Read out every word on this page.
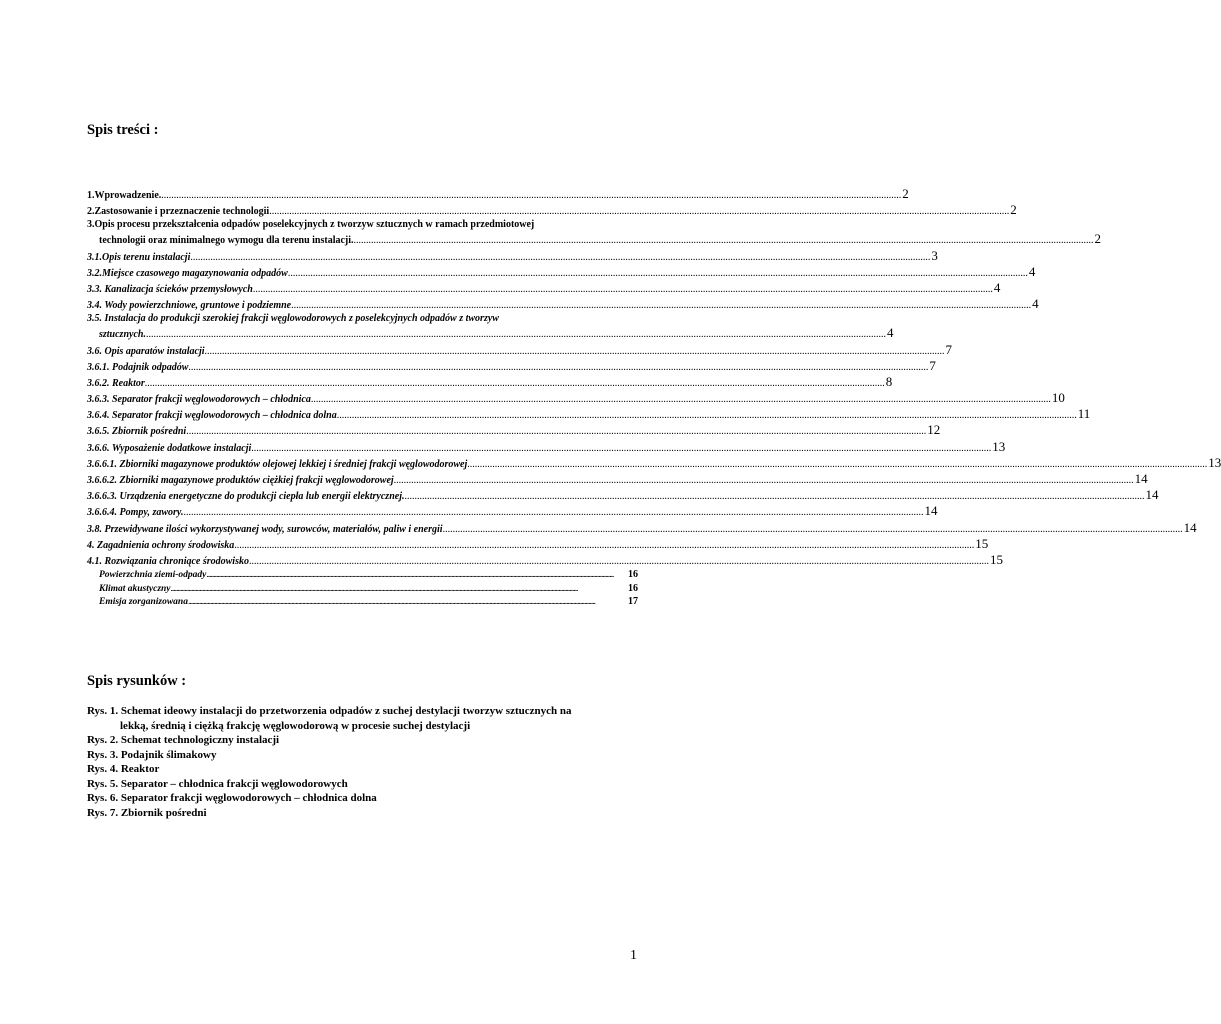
Spis treści :
1.Wprowadzenie. .....	2
2.Zastosowanie i przeznaczenie technologii .....	2
3.Opis procesu przekształcenia odpadów poselekcyjnych z tworzyw sztucznych w ramach przedmiotowej
technologii oraz minimalnego wymogu dla terenu instalacji. .....	2
3.1.Opis terenu instalacji .....	3
3.2.Miejsce czasowego magazynowania odpadów .....	4
3.3. Kanalizacja ścieków przemysłowych .....	4
3.4. Wody powierzchniowe, gruntowe i podziemne .....	4
3.5. Instalacja do produkcji szerokiej frakcji węglowodorowych z poselekcyjnych odpadów z tworzyw
sztucznych. .....	4
3.6. Opis aparatów instalacji .....	7
3.6.1. Podajnik odpadów .....	7
3.6.2. Reaktor .....	8
3.6.3. Separator frakcji węglowodorowych – chłodnica .....	10
3.6.4. Separator frakcji węglowodorowych – chłodnica dolna .....	11
3.6.5. Zbiornik pośredni .....	12
3.6.6. Wyposażenie dodatkowe instalacji .....	13
3.6.6.1. Zbiorniki magazynowe produktów olejowej lekkiej i średniej frakcji węglowodorowej .....	13
3.6.6.2. Zbiorniki magazynowe produktów ciężkiej frakcji węglowodorowej .....	14
3.6.6.3. Urządzenia energetyczne do produkcji ciepła lub energii elektrycznej. .....	14
3.6.6.4. Pompy, zawory. .....	14
3.8. Przewidywane ilości wykorzystywanej wody, surowców, materiałów, paliw i energii .....	14
4. Zagadnienia ochrony środowiska .....	15
4.1. Rozwiązania chroniące środowisko .....	15
Powierzchnia ziemi-odpady .....	16
Klimat akustyczny .....	16
Emisja zorganizowana .....	17
Spis rysunków :
Rys. 1. Schemat ideowy instalacji do przetworzenia odpadów z suchej destylacji tworzyw sztucznych na
lekką, średnią i ciężką frakcję węglowodorową w procesie suchej destylacji
Rys. 2. Schemat technologiczny instalacji
Rys. 3. Podajnik ślimakowy
Rys. 4. Reaktor
Rys. 5. Separator – chłodnica frakcji węglowodorowych
Rys. 6. Separator frakcji węglowodorowych – chłodnica dolna
Rys. 7. Zbiornik pośredni
1
